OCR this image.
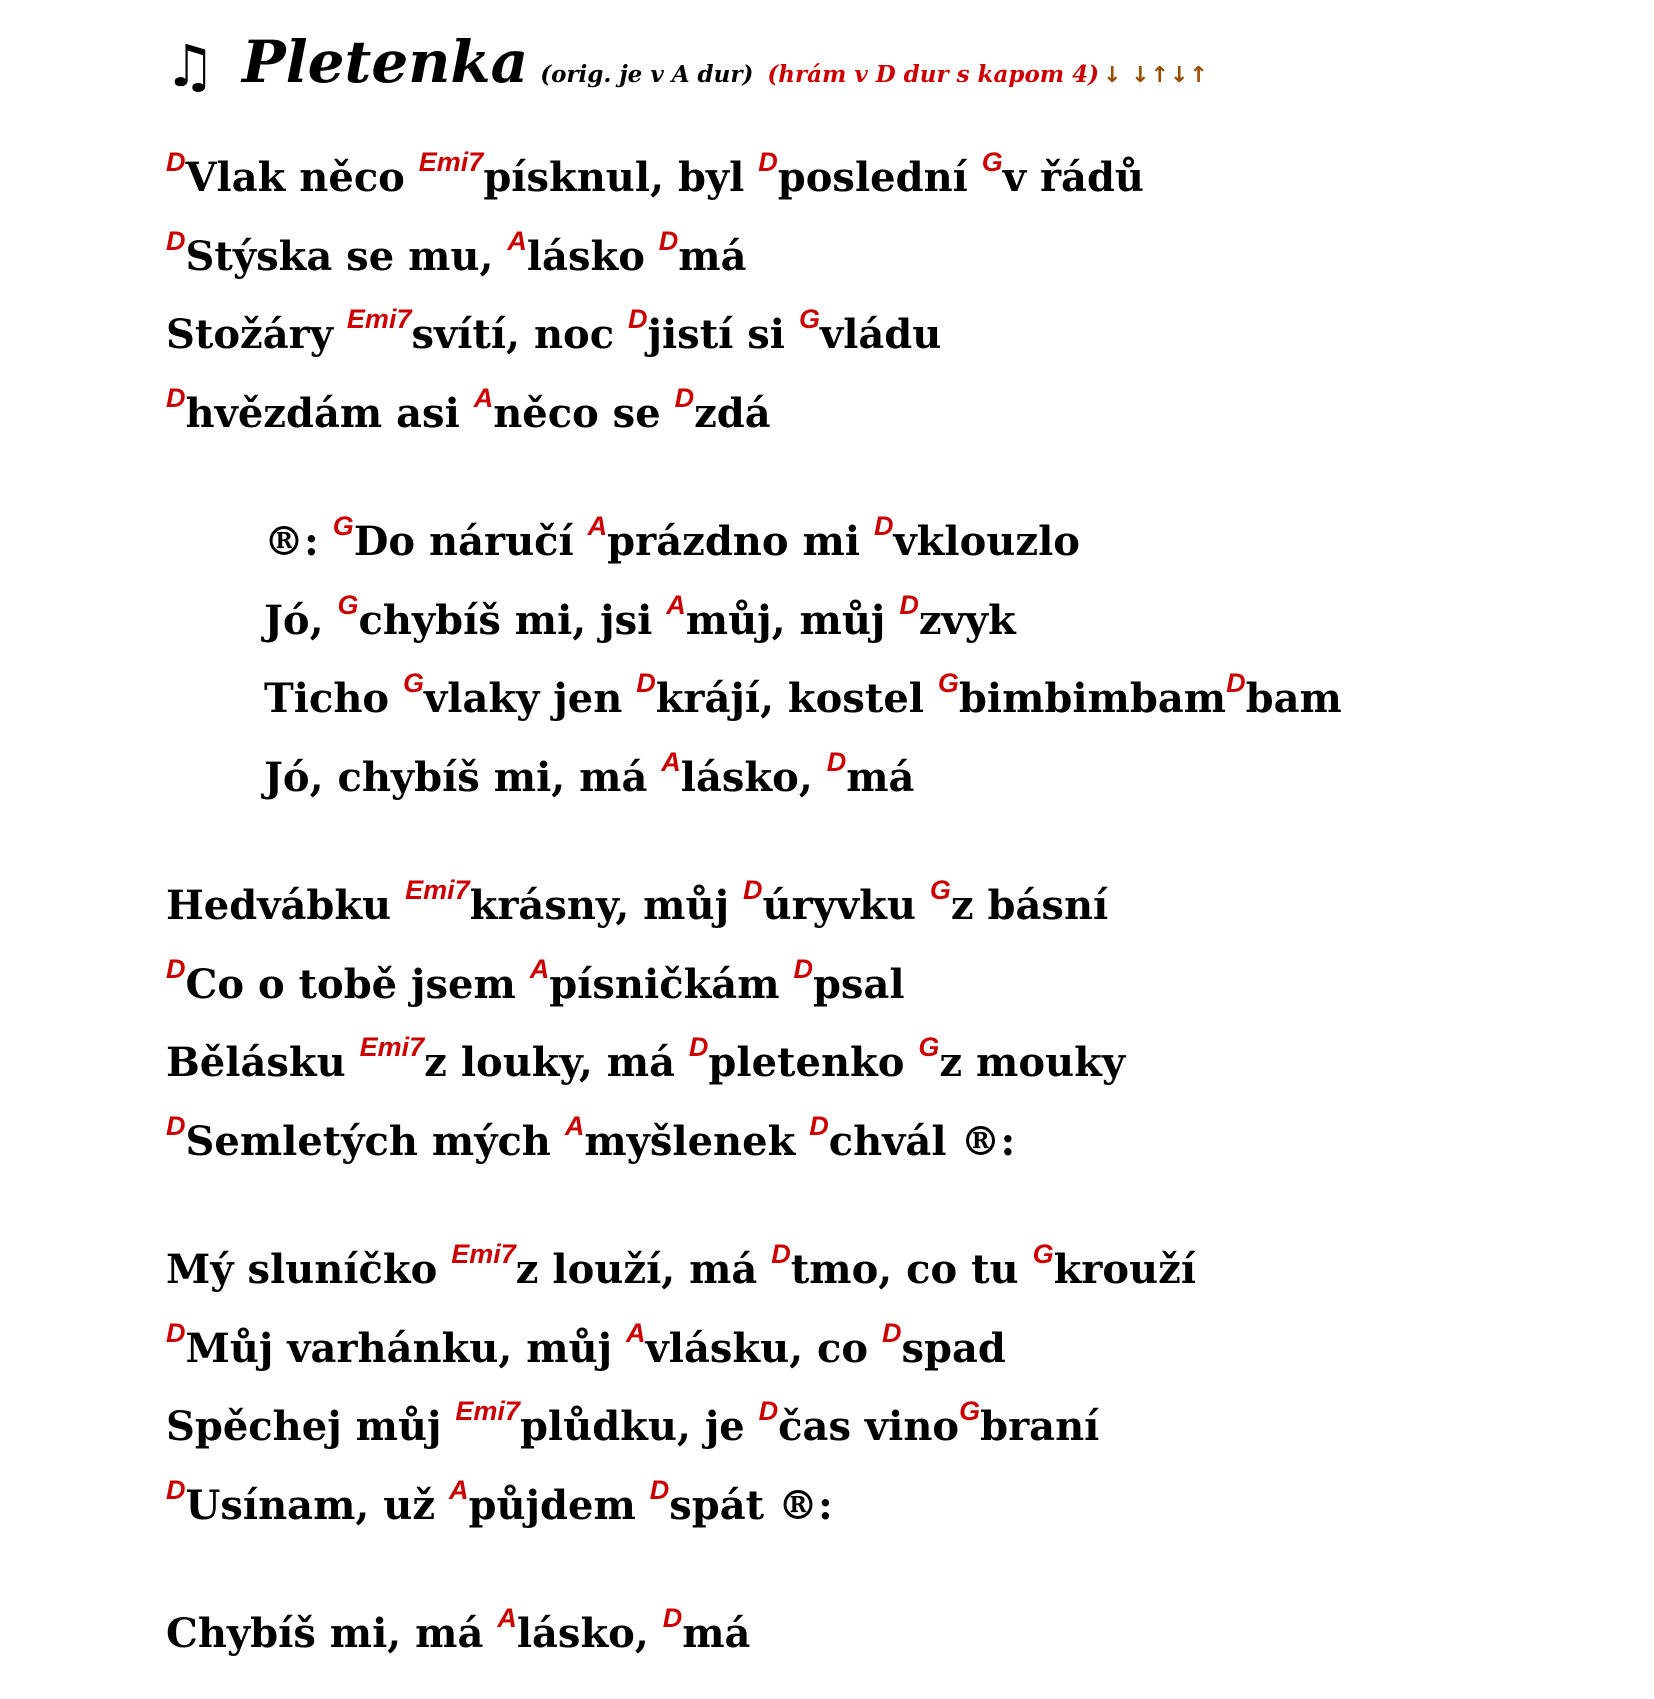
♫ Pletenka (orig. je v A dur) (hrám v D dur s kapom 4) ↓ ↓↑↓↑
$^D$Vlak něco $^{Emi7}$písknul, byl $^D$poslední $^G$v řádů
$^D$Stýska se mu, $^A$lásko $^D$má
Stožáry $^{Emi7}$svítí, noc $^D$jistí si $^G$vládu
$^D$hvězdám asi $^A$něco se $^D$zdá
®: $^G$Do náručí $^A$prázdno mi $^D$vklouzlo
Jó, $^G$chybíš mi, jsi $^A$můj, můj $^D$zvyk
Ticho $^G$vlaky jen $^D$krájí, kostel $^G$bimbimbam$^D$bam
Jó, chybíš mi, má $^A$lásko, $^D$má
Hedvábku $^{Emi7}$krásny, můj $^D$úryvku $^G$z básní
$^D$Co o tobě jsem $^A$písničkám $^D$psal
Bělásku $^{Emi7}$z louky, má $^D$pletenko $^G$z mouky
$^D$Semletých mých $^A$myšlenek $^D$chvál ®:
Mý sluníčko $^{Emi7}$z louží, má $^D$tmo, co tu $^G$krouží
$^D$Můj varhánku, můj $^A$vlásku, co $^D$spad
Spěchej můj $^{Emi7}$plůdku, je $^D$čas vino$^G$braní
$^D$Usínam, už $^A$půjdem $^D$spát ®:
Chybíš mi, má $^A$lásko, $^D$má
